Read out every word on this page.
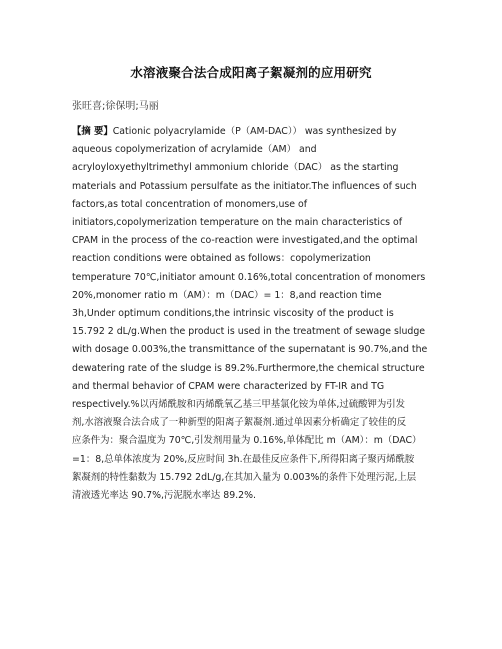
水溶液聚合法合成阳离子絮凝剂的应用研究
张旺喜;徐保明;马丽
【摘 要】Cationic polyacrylamide（P（AM-DAC）） was synthesized by
aqueous copolymerization of acrylamide（AM） and
acryloyloxyethyltrimethyl ammonium chloride（DAC） as the starting
materials and Potassium persulfate as the initiator.The influences of such
factors,as total concentration of monomers,use of
initiators,copolymerization temperature on the main characteristics of
CPAM in the process of the co-reaction were investigated,and the optimal
reaction conditions were obtained as follows：copolymerization
temperature 70℃,initiator amount 0.16%,total concentration of monomers
20%,monomer ratio m（AM）：m（DAC）= 1：8,and reaction time
3h,Under optimum conditions,the intrinsic viscosity of the product is
15.792 2 dL/g.When the product is used in the treatment of sewage sludge
with dosage 0.003%,the transmittance of the supernatant is 90.7%,and the
dewatering rate of the sludge is 89.2%.Furthermore,the chemical structure
and thermal behavior of CPAM were characterized by FT-IR and TG
respectively.%以丙烯酰胺和丙烯酰氧乙基三甲基氯化铵为单体,过硫酸钾为引发
剂,水溶液聚合法合成了一种新型的阳离子絮凝剂.通过单因素分析确定了较佳的反
应条件为：聚合温度为 70℃,引发剂用量为 0.16%,单体配比 m（AM）：m（DAC）
=1：8,总单体浓度为 20%,反应时间 3h.在最佳反应条件下,所得阳离子聚丙烯酰胺
絮凝剂的特性黏数为 15.792 2dL/g,在其加入量为 0.003%的条件下处理污泥,上层
清液透光率达 90.7%,污泥脱水率达 89.2%.
